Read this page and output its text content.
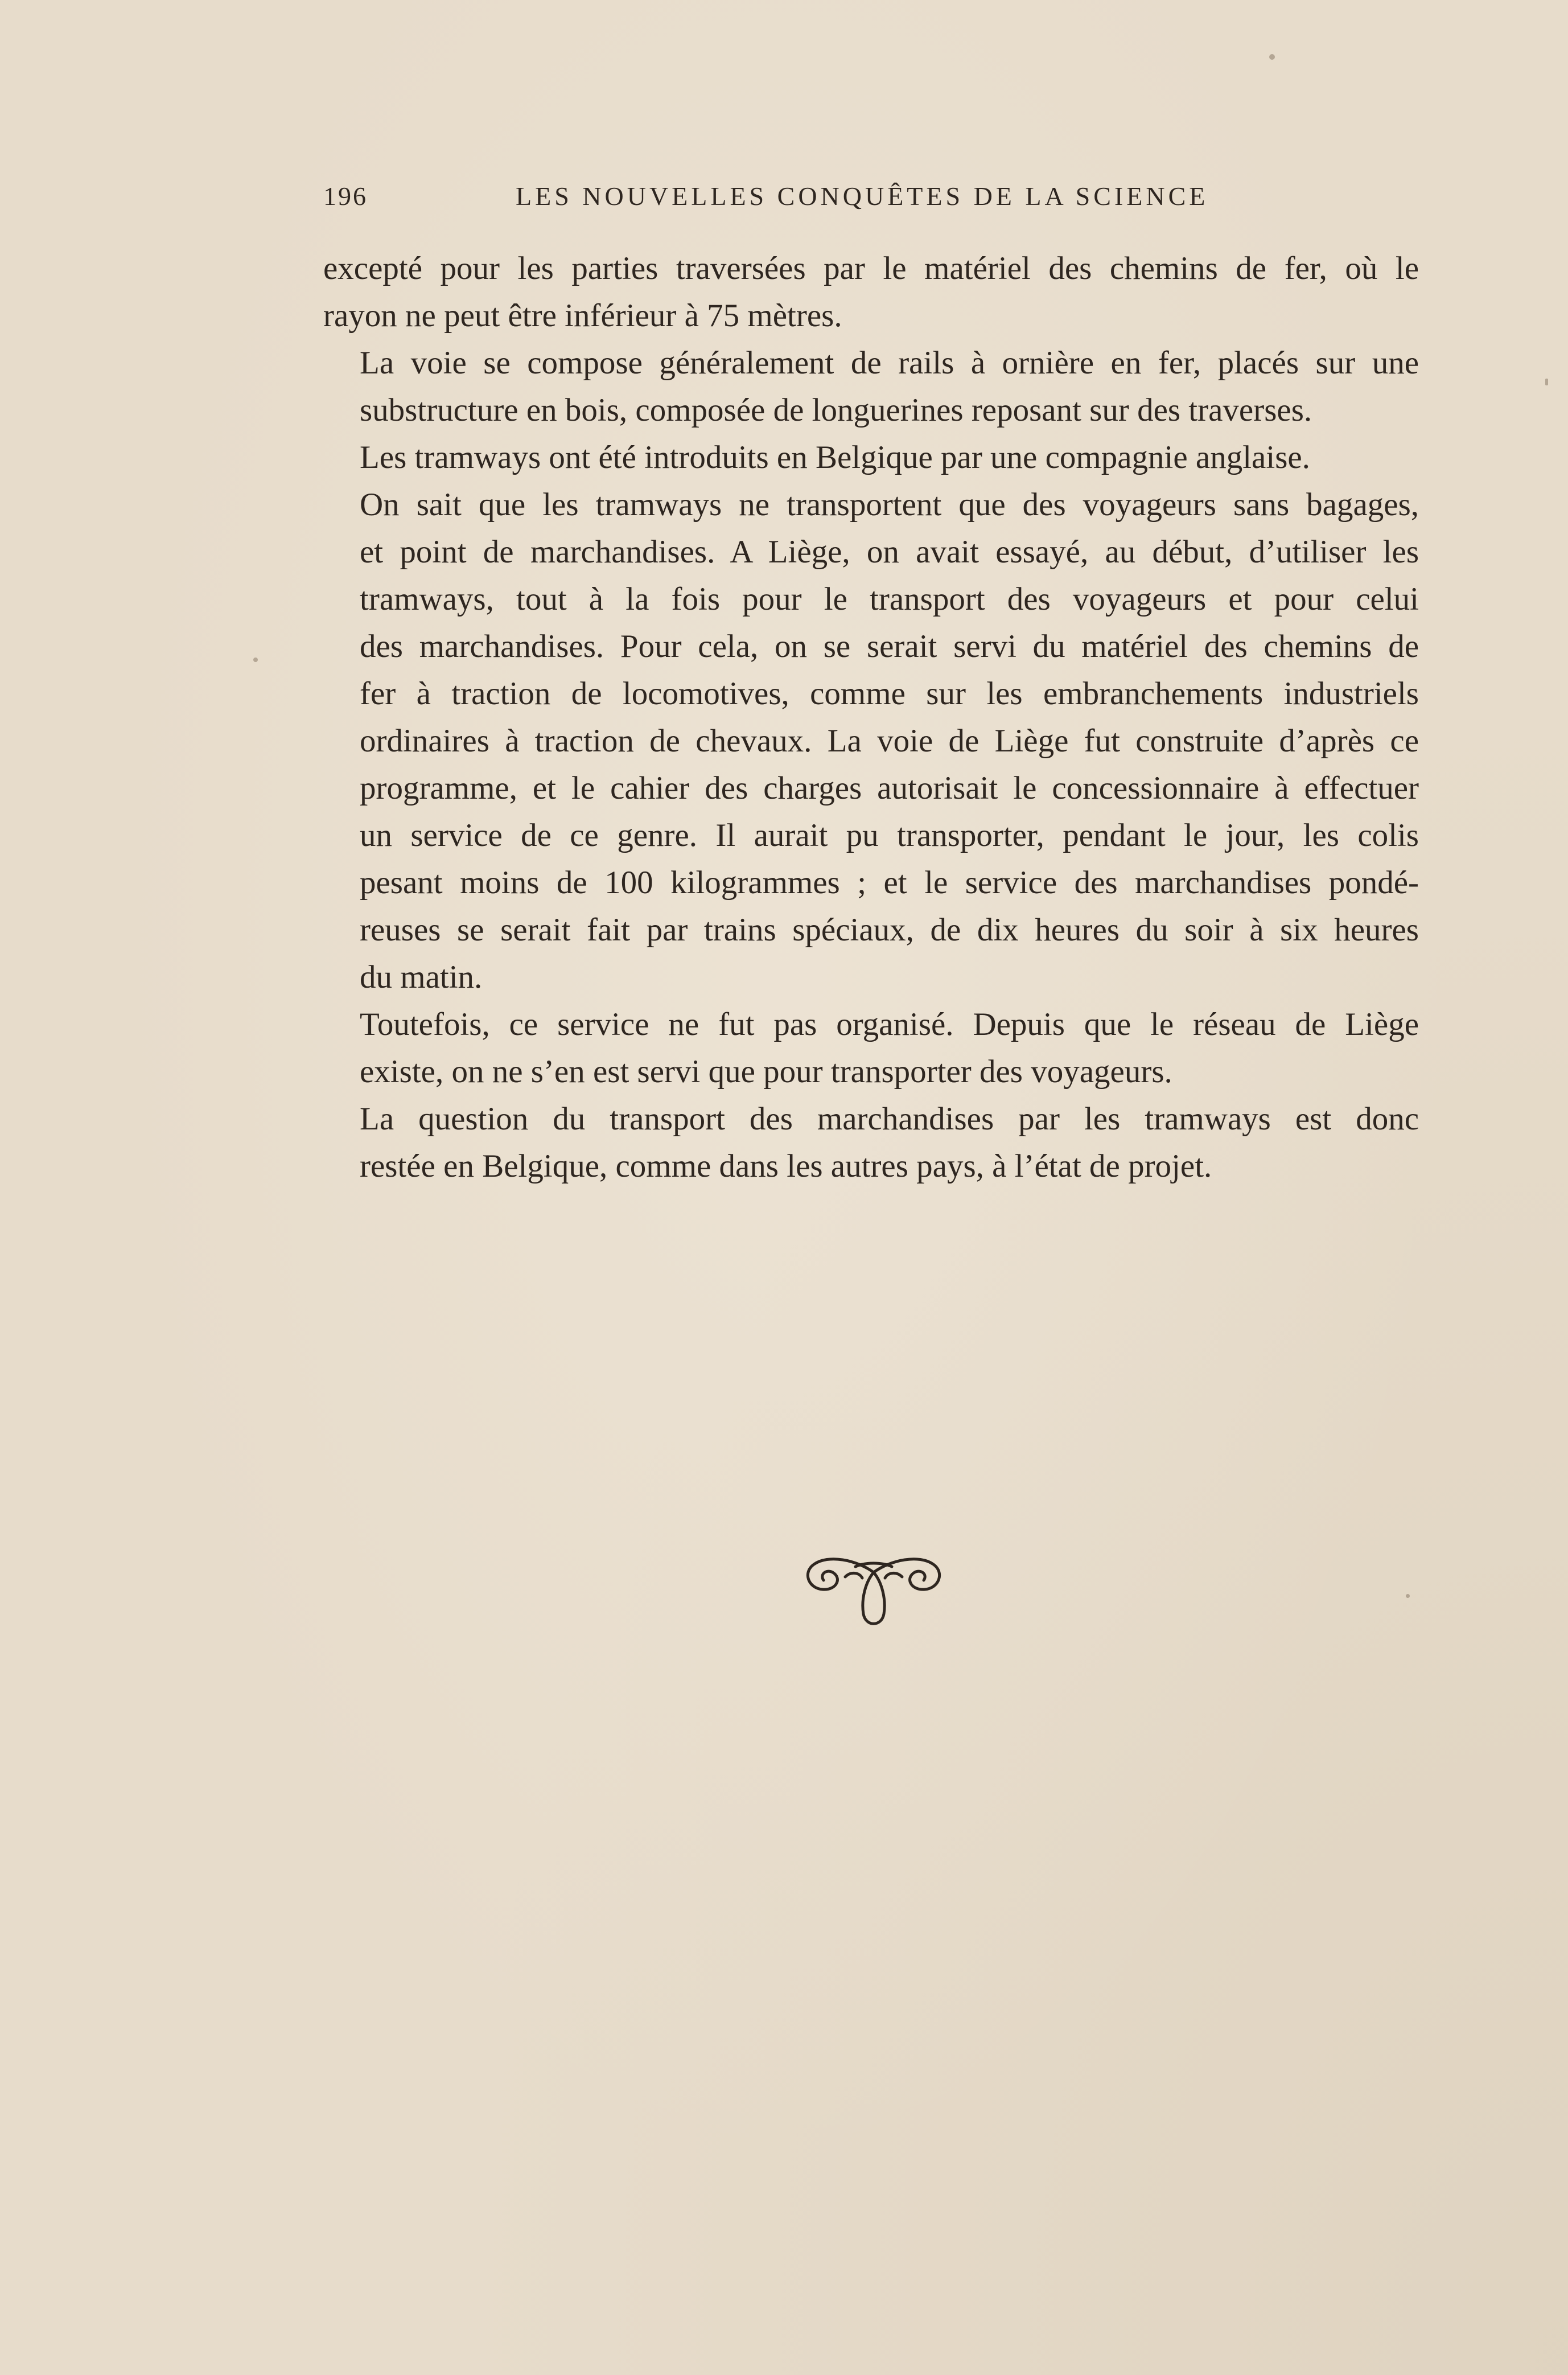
196	LES NOUVELLES CONQUÊTES DE LA SCIENCE
excepté pour les parties traversées par le matériel des chemins de fer, où le
rayon ne peut être inférieur à 75 mètres.
La voie se compose généralement de rails à ornière en fer, placés sur une
substructure en bois, composée de longuerines reposant sur des traverses.
Les tramways ont été introduits en Belgique par une compagnie anglaise.
On sait que les tramways ne transportent que des voyageurs sans bagages,
et point de marchandises. A Liège, on avait essayé, au début, d’utiliser les
tramways, tout à la fois pour le transport des voyageurs et pour celui
des marchandises. Pour cela, on se serait servi du matériel des chemins de
fer à traction de locomotives, comme sur les embranchements industriels
ordinaires à traction de chevaux. La voie de Liège fut construite d’après ce
programme, et le cahier des charges autorisait le concessionnaire à effectuer
un service de ce genre. Il aurait pu transporter, pendant le jour, les colis
pesant moins de 100 kilogrammes ; et le service des marchandises pondé-
reuses se serait fait par trains spéciaux, de dix heures du soir à six heures
du matin.
Toutefois, ce service ne fut pas organisé. Depuis que le réseau de Liège
existe, on ne s’en est servi que pour transporter des voyageurs.
La question du transport des marchandises par les tramways est donc
restée en Belgique, comme dans les autres pays, à l’état de projet.
